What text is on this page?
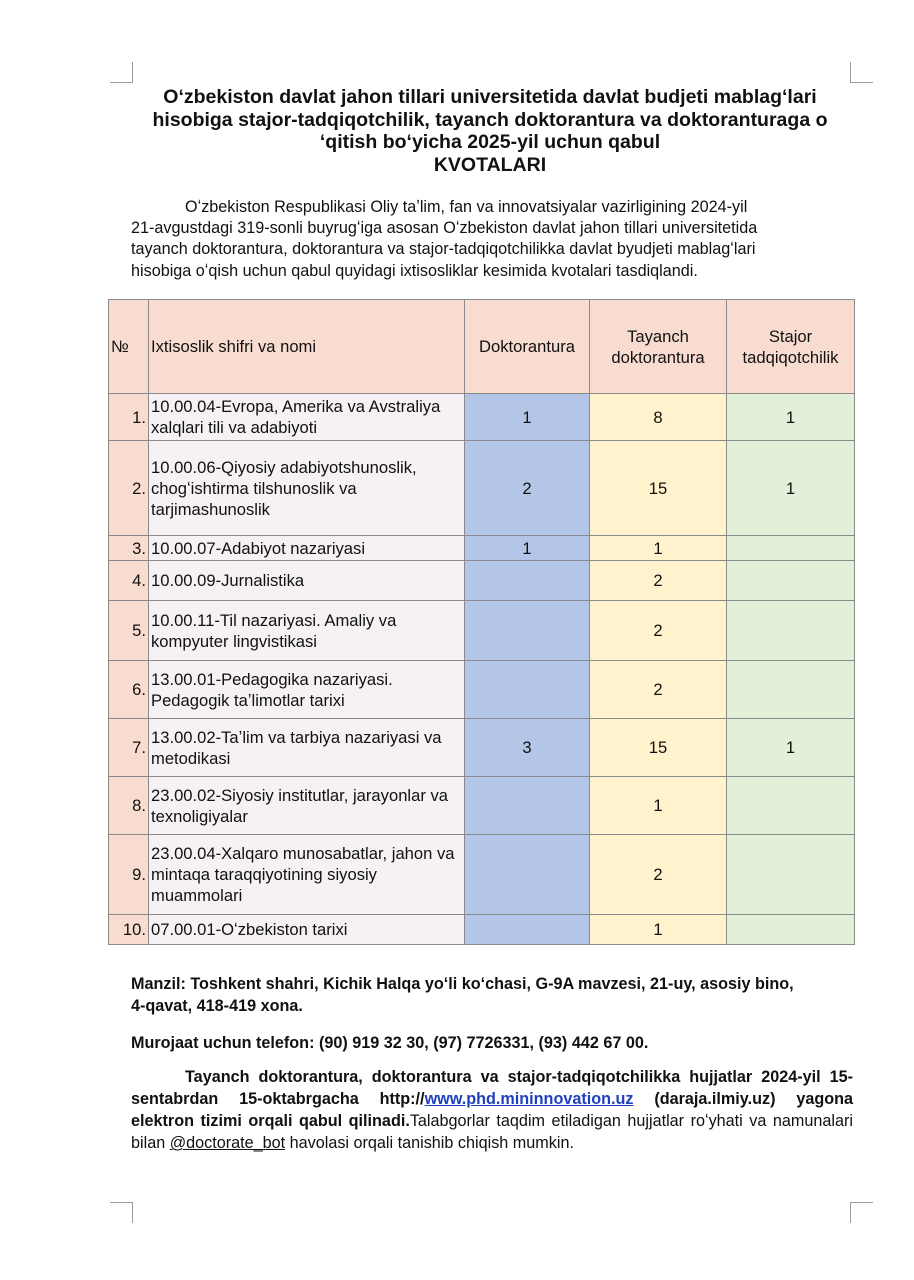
Oʻzbekiston davlat jahon tillari universitetida davlat budjeti mablagʻlari
hisobiga stajor-tadqiqotchilik, tayanch doktorantura va doktoranturaga o
ʻqitish boʻyicha 2025-yil uchun qabul
KVOTALARI
Oʻzbekiston Respublikasi Oliy taʼlim, fan va innovatsiyalar vazirligining 2024-yil
21-avgustdagi 319-sonli buyrugʻiga asosan Oʻzbekiston davlat jahon tillari universitetida
tayanch doktorantura, doktorantura va stajor-tadqiqotchilikka davlat byudjeti mablagʻlari
hisobiga oʻqish uchun qabul quyidagi ixtisosliklar kesimida kvotalari tasdiqlandi.
№	Ixtisoslik shifri va nomi	Doktorantura	Tayanch doktorantura	Stajor tadqiqotchilik
1.	10.00.04-Evropa, Amerika va Avstraliya xalqlari tili va adabiyoti	1	8	1
2.	10.00.06-Qiyosiy adabiyotshunoslik, chogʻishtirma tilshunoslik va tarjimashunoslik	2	15	1
3.	10.00.07-Adabiyot nazariyasi	1	1	
4.	10.00.09-Jurnalistika		2	
5.	10.00.11-Til nazariyasi. Amaliy va kompyuter lingvistikasi		2	
6.	13.00.01-Pedagogika nazariyasi. Pedagogik taʼlimotlar tarixi		2	
7.	13.00.02-Taʼlim va tarbiya nazariyasi va metodikasi	3	15	1
8.	23.00.02-Siyosiy institutlar, jarayonlar va texnoligiyalar		1	
9.	23.00.04-Xalqaro munosabatlar, jahon va mintaqa taraqqiyotining siyosiy muammolari		2	
10.	07.00.01-Oʻzbekiston tarixi		1	
Manzil: Toshkent shahri, Kichik Halqa yoʻli koʻchasi, G-9A mavzesi, 21-uy, asosiy bino,
4-qavat, 418-419 xona.
Murojaat uchun telefon: (90) 919 32 30, (97) 7726331, (93) 442 67 00.
Tayanch doktorantura, doktorantura va stajor-tadqiqotchilikka hujjatlar 2024-yil 15-sentabrdan 15-oktabrgacha http://www.phd.mininnovation.uz (daraja.ilmiy.uz) yagona elektron tizimi orqali qabul qilinadi.Talabgorlar taqdim etiladigan hujjatlar roʻyhati va namunalari bilan @doctorate_bot havolasi orqali tanishib chiqish mumkin.
